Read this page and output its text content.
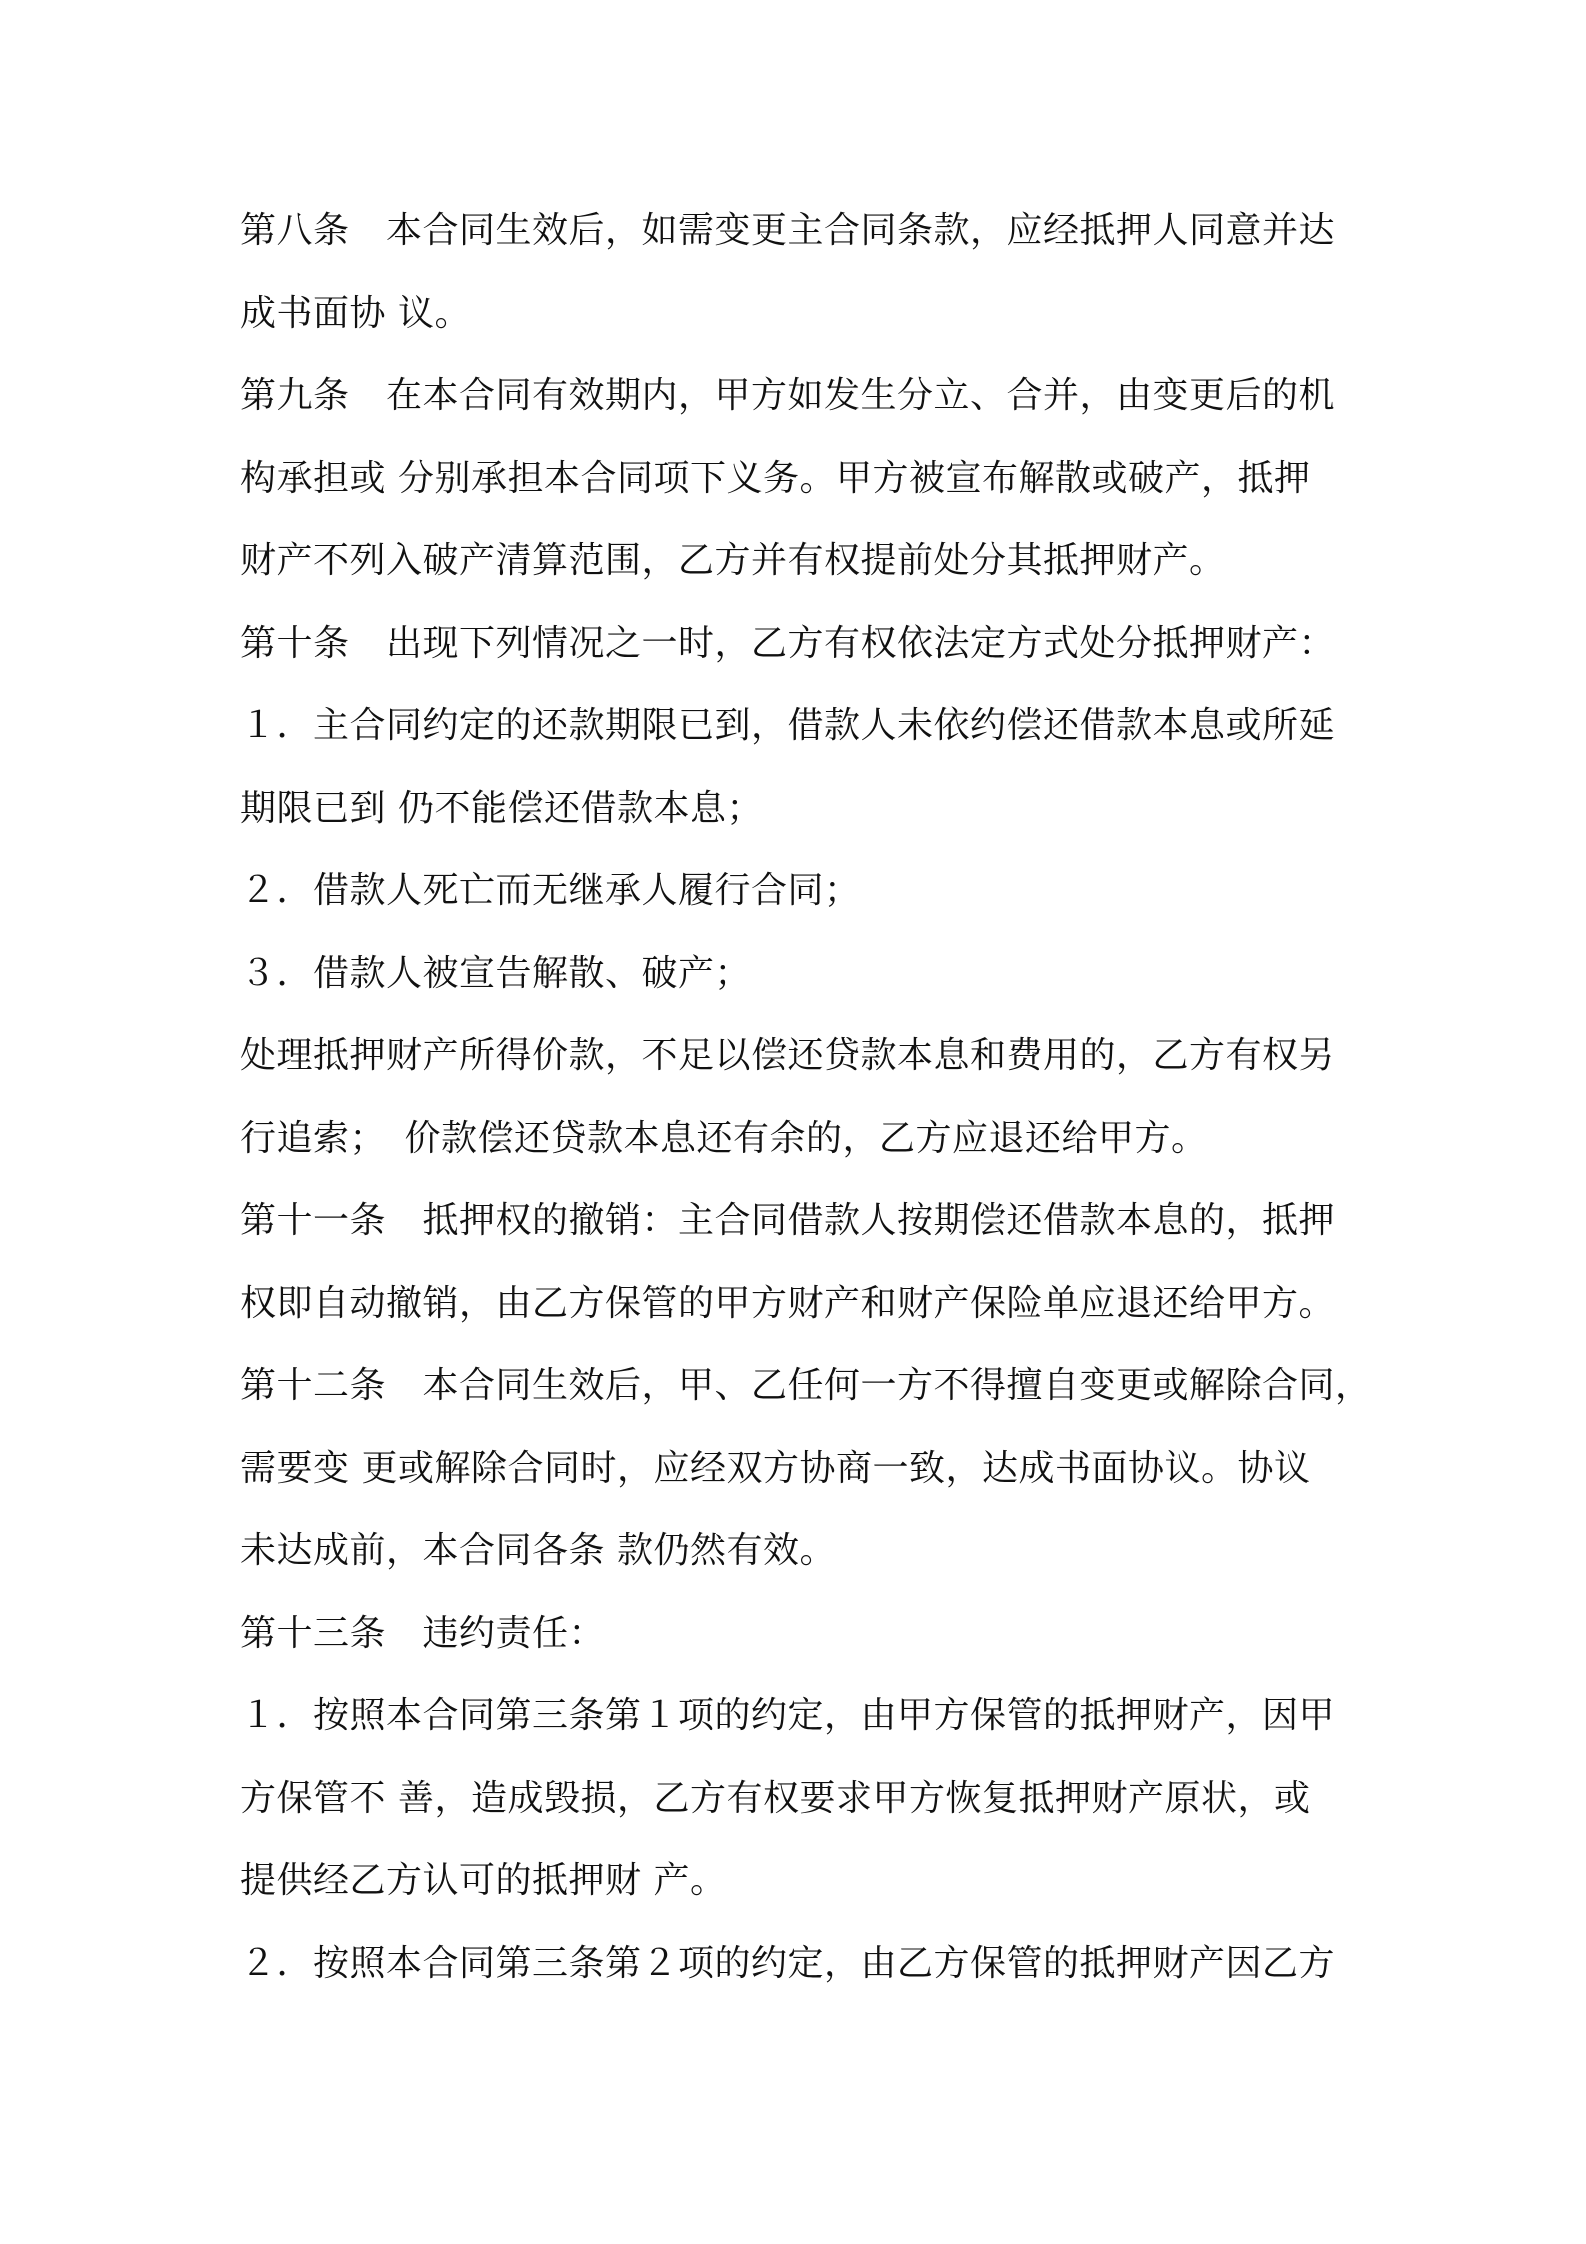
第八条　本合同生效后，如需变更主合同条款，应经抵押人同意并达
成书面协 议。
第九条　在本合同有效期内，甲方如发生分立、合并，由变更后的机
构承担或 分别承担本合同项下义务。甲方被宣布解散或破产，抵押
财产不列入破产清算范围，乙方并有权提前处分其抵押财产。
第十条　出现下列情况之一时，乙方有权依法定方式处分抵押财产：
１．主合同约定的还款期限已到，借款人未依约偿还借款本息或所延
期限已到 仍不能偿还借款本息；
２．借款人死亡而无继承人履行合同；
３．借款人被宣告解散、破产；
处理抵押财产所得价款，不足以偿还贷款本息和费用的，乙方有权另
行追索；　价款偿还贷款本息还有余的，乙方应退还给甲方。
第十一条　抵押权的撤销：主合同借款人按期偿还借款本息的，抵押
权即自动撤销，由乙方保管的甲方财产和财产保险单应退还给甲方。
第十二条　本合同生效后，甲、乙任何一方不得擅自变更或解除合同，
需要变 更或解除合同时，应经双方协商一致，达成书面协议。协议
未达成前，本合同各条 款仍然有效。
第十三条　违约责任：
１．按照本合同第三条第１项的约定，由甲方保管的抵押财产，因甲
方保管不 善，造成毁损，乙方有权要求甲方恢复抵押财产原状，或
提供经乙方认可的抵押财 产。
２．按照本合同第三条第２项的约定，由乙方保管的抵押财产因乙方
